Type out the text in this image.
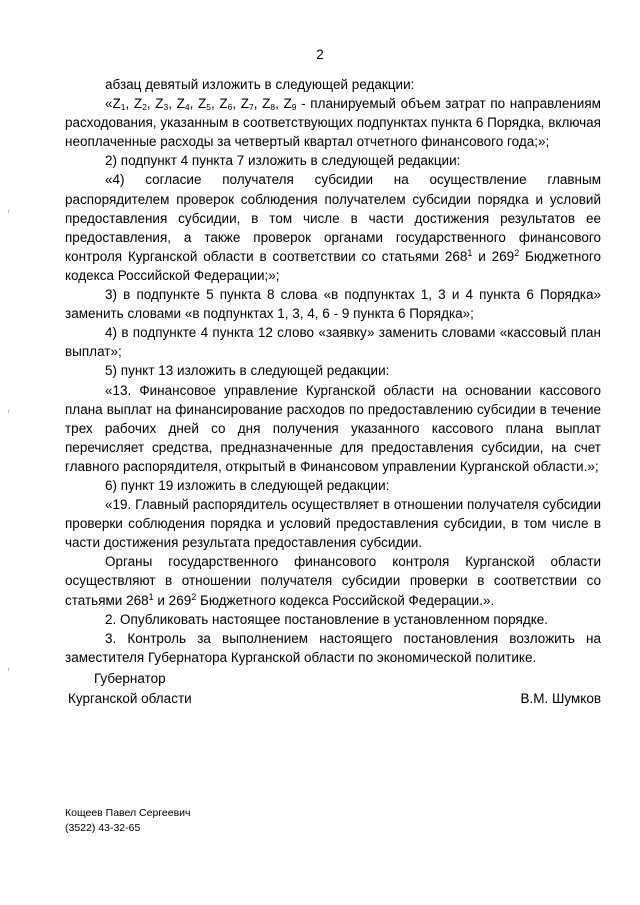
2

абзац девятый изложить в следующей редакции:

«$Z_1$, $Z_2$, $Z_3$, $Z_4$, $Z_5$, $Z_6$, $Z_7$, $Z_8$, $Z_9$ - планируемый объем затрат по направлениям расходования, указанным в соответствующих подпунктах пункта 6 Порядка, включая неоплаченные расходы за четвертый квартал отчетного финансового года;»;

2) подпункт 4 пункта 7 изложить в следующей редакции:

«4) согласие получателя субсидии на осуществление главным распорядителем проверок соблюдения получателем субсидии порядка и условий предоставления субсидии, в том числе в части достижения результатов ее предоставления, а также проверок органами государственного финансового контроля Курганской области в соответствии со статьями $268^1$ и $269^2$ Бюджетного кодекса Российской Федерации;»;

3) в подпункте 5 пункта 8 слова «в подпунктах 1, 3 и 4 пункта 6 Порядка» заменить словами «в подпунктах 1, 3, 4, 6 - 9 пункта 6 Порядка»;

4) в подпункте 4 пункта 12 слово «заявку» заменить словами «кассовый план выплат»;

5) пункт 13 изложить в следующей редакции:

«13. Финансовое управление Курганской области на основании кассового плана выплат на финансирование расходов по предоставлению субсидии в течение трех рабочих дней со дня получения указанного кассового плана выплат перечисляет средства, предназначенные для предоставления субсидии, на счет главного распорядителя, открытый в Финансовом управлении Курганской области.»;

6) пункт 19 изложить в следующей редакции:

«19. Главный распорядитель осуществляет в отношении получателя субсидии проверки соблюдения порядка и условий предоставления субсидии, в том числе в части достижения результата предоставления субсидии.

Органы государственного финансового контроля Курганской области осуществляют в отношении получателя субсидии проверки в соответствии со статьями $268^1$ и $269^2$ Бюджетного кодекса Российской Федерации.».

2. Опубликовать настоящее постановление в установленном порядке.

3. Контроль за выполнением настоящего постановления возложить на заместителя Губернатора Курганской области по экономической политике.

Губернатор
Курганской области	В.М. Шумков
Кощеев Павел Сергеевич
(3522) 43-32-65
